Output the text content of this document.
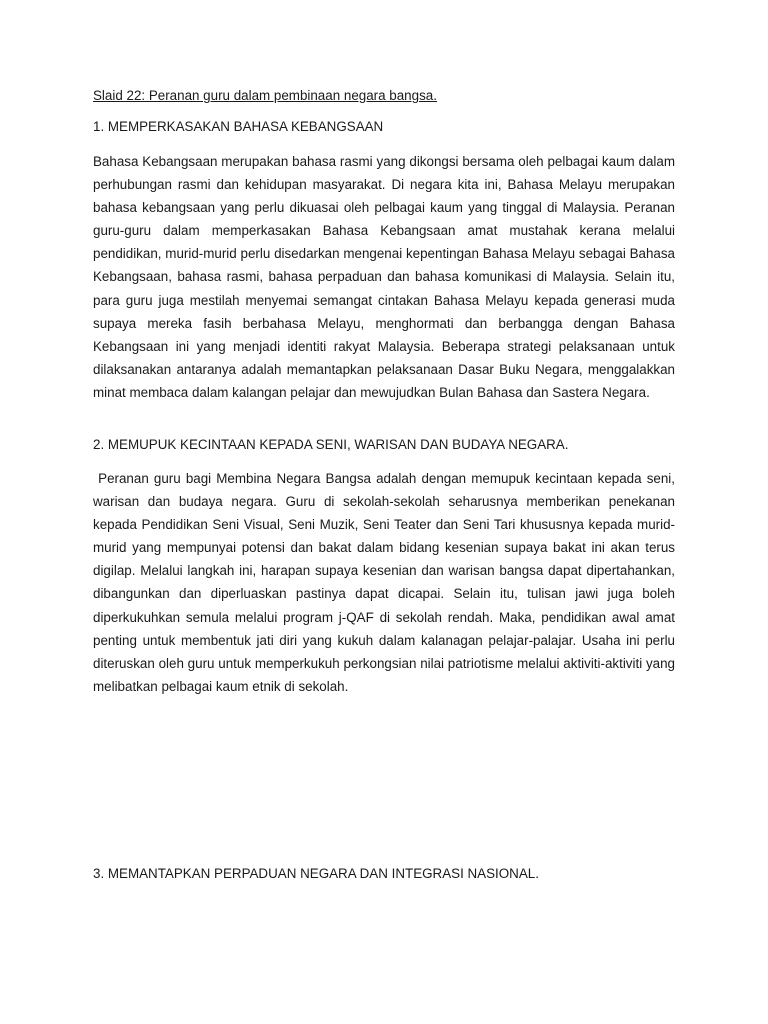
Slaid 22: Peranan guru dalam pembinaan negara bangsa.
1. MEMPERKASAKAN BAHASA KEBANGSAAN

Bahasa Kebangsaan merupakan bahasa rasmi yang dikongsi bersama oleh pelbagai kaum dalam perhubungan rasmi dan kehidupan masyarakat. Di negara kita ini, Bahasa Melayu merupakan bahasa kebangsaan yang perlu dikuasai oleh pelbagai kaum yang tinggal di Malaysia. Peranan guru-guru dalam memperkasakan Bahasa Kebangsaan amat mustahak kerana melalui pendidikan, murid-murid perlu disedarkan mengenai kepentingan Bahasa Melayu sebagai Bahasa Kebangsaan, bahasa rasmi, bahasa perpaduan dan bahasa komunikasi di Malaysia. Selain itu, para guru juga mestilah menyemai semangat cintakan Bahasa Melayu kepada generasi muda supaya mereka fasih berbahasa Melayu, menghormati dan berbangga dengan Bahasa Kebangsaan ini yang menjadi identiti rakyat Malaysia. Beberapa strategi pelaksanaan untuk dilaksanakan antaranya adalah memantapkan pelaksanaan Dasar Buku Negara, menggalakkan minat membaca dalam kalangan pelajar dan mewujudkan Bulan Bahasa dan Sastera Negara.

2. MEMUPUK KECINTAAN KEPADA SENI, WARISAN DAN BUDAYA NEGARA.

Peranan guru bagi Membina Negara Bangsa adalah dengan memupuk kecintaan kepada seni, warisan dan budaya negara. Guru di sekolah-sekolah seharusnya memberikan penekanan kepada Pendidikan Seni Visual, Seni Muzik, Seni Teater dan Seni Tari khususnya kepada murid-murid yang mempunyai potensi dan bakat dalam bidang kesenian supaya bakat ini akan terus digilap. Melalui langkah ini, harapan supaya kesenian dan warisan bangsa dapat dipertahankan, dibangunkan dan diperluaskan pastinya dapat dicapai. Selain itu, tulisan jawi juga boleh diperkukuhkan semula melalui program j-QAF di sekolah rendah. Maka, pendidikan awal amat penting untuk membentuk jati diri yang kukuh dalam kalanagan pelajar-palajar. Usaha ini perlu diteruskan oleh guru untuk memperkukuh perkongsian nilai patriotisme melalui aktiviti-aktiviti yang melibatkan pelbagai kaum etnik di sekolah.

3. MEMANTAPKAN PERPADUAN NEGARA DAN INTEGRASI NASIONAL.
